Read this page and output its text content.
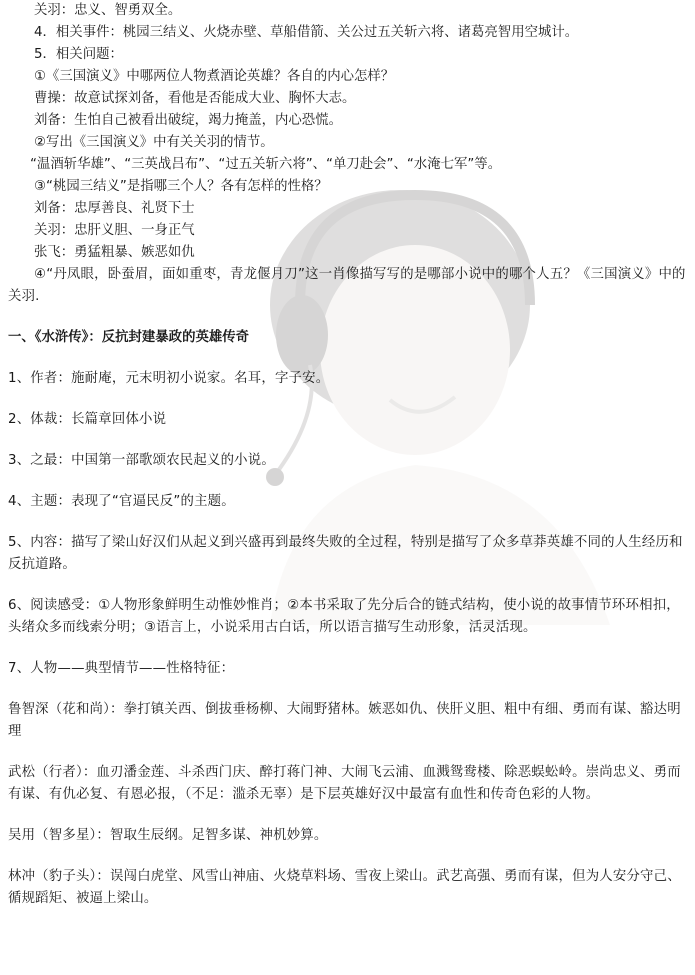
关羽：忠义、智勇双全。
4．相关事件：桃园三结义、火烧赤壁、草船借箭、关公过五关斩六将、诸葛亮智用空城计。
5．相关问题：
①《三国演义》中哪两位人物煮酒论英雄？各自的内心怎样？
曹操：故意试探刘备，看他是否能成大业、胸怀大志。
刘备：生怕自己被看出破绽，竭力掩盖，内心恐慌。
②写出《三国演义》中有关关羽的情节。
“温酒斩华雄”、“三英战吕布”、“过五关斩六将”、“单刀赴会”、“水淹七军”等。
③“桃园三结义”是指哪三个人？各有怎样的性格？
刘备：忠厚善良、礼贤下士
关羽：忠肝义胆、一身正气
张飞：勇猛粗暴、嫉恶如仇
④“丹凤眼，卧蚕眉，面如重枣，青龙偃月刀”这一肖像描写写的是哪部小说中的哪个人五？《三国演义》中的关羽.
一、《水浒传》：反抗封建暴政的英雄传奇
1、作者：施耐庵，元末明初小说家。名耳，字子安。
2、体裁：长篇章回体小说
3、之最：中国第一部歌颂农民起义的小说。
4、主题：表现了“官逼民反”的主题。
5、内容：描写了梁山好汉们从起义到兴盛再到最终失败的全过程，特别是描写了众多草莽英雄不同的人生经历和反抗道路。
6、阅读感受：①人物形象鲜明生动惟妙惟肖；②本书采取了先分后合的链式结构，使小说的故事情节环环相扣，头绪众多而线索分明；③语言上，小说采用古白话，所以语言描写生动形象，活灵活现。
7、人物——典型情节——性格特征：
鲁智深（花和尚）：拳打镇关西、倒拔垂杨柳、大闹野猪林。嫉恶如仇、侠肝义胆、粗中有细、勇而有谋、豁达明理
武松（行者）：血刃潘金莲、斗杀西门庆、醉打蒋门神、大闹飞云浦、血溅鸳鸯楼、除恶蜈蚣岭。崇尚忠义、勇而有谋、有仇必复、有恩必报，（不足：滥杀无辜）是下层英雄好汉中最富有血性和传奇色彩的人物。
吴用（智多星）：智取生辰纲。足智多谋、神机妙算。
林冲（豹子头）：误闯白虎堂、风雪山神庙、火烧草料场、雪夜上梁山。武艺高强、勇而有谋，但为人安分守己、循规蹈矩、被逼上梁山。
